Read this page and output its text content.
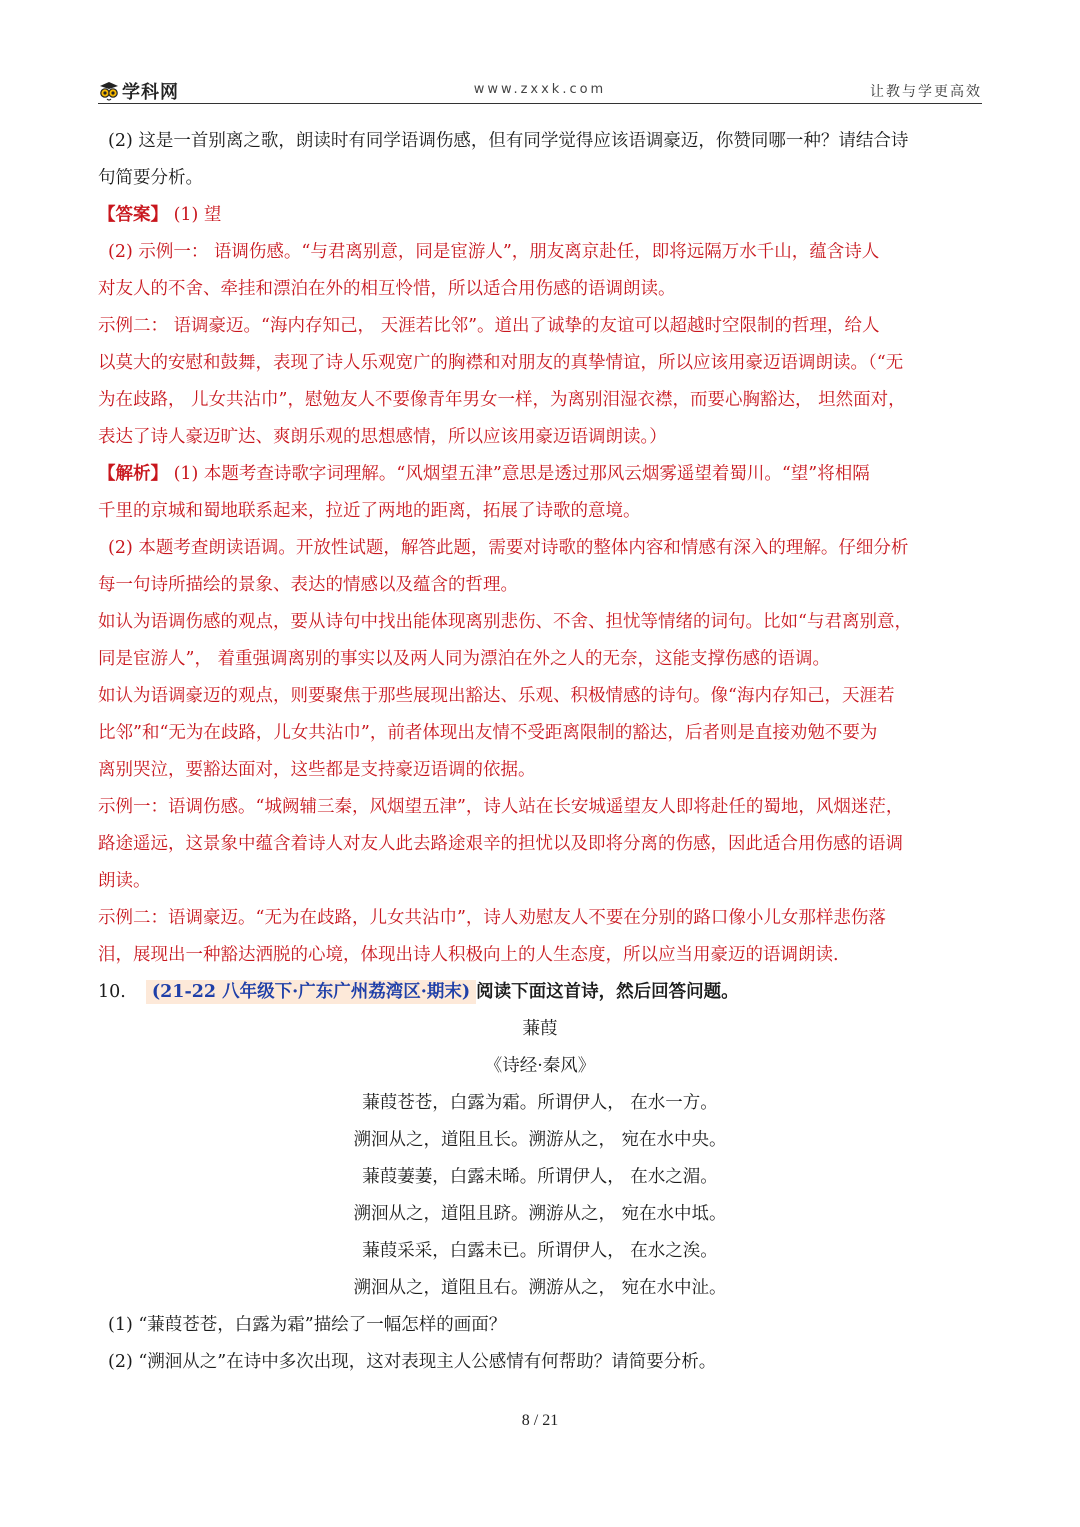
学科网	www.zxxk.com	让教与学更高效

(2) 这是一首别离之歌，朗读时有同学语调伤感，但有同学觉得应该语调豪迈，你赞同哪一种？请结合诗

句简要分析。

【答案】 (1) 望

(2) 示例一： 语调伤感。“与君离别意，同是宦游人”，朋友离京赴任，即将远隔万水千山，蕴含诗人

对友人的不舍、牵挂和漂泊在外的相互怜惜，所以适合用伤感的语调朗读。

示例二： 语调豪迈。“海内存知己， 天涯若比邻”。道出了诚挚的友谊可以超越时空限制的哲理，给人

以莫大的安慰和鼓舞，表现了诗人乐观宽广的胸襟和对朋友的真挚情谊，所以应该用豪迈语调朗读。（“无

为在歧路， 儿女共沾巾”，慰勉友人不要像青年男女一样，为离别泪湿衣襟，而要心胸豁达， 坦然面对，

表达了诗人豪迈旷达、爽朗乐观的思想感情，所以应该用豪迈语调朗读。）

【解析】 (1) 本题考查诗歌字词理解。“风烟望五津”意思是透过那风云烟雾遥望着蜀川。“望”将相隔

千里的京城和蜀地联系起来，拉近了两地的距离，拓展了诗歌的意境。

(2) 本题考查朗读语调。开放性试题，解答此题，需要对诗歌的整体内容和情感有深入的理解。仔细分析

每一句诗所描绘的景象、表达的情感以及蕴含的哲理。

如认为语调伤感的观点，要从诗句中找出能体现离别悲伤、不舍、担忧等情绪的词句。比如“与君离别意，

同是宦游人”， 着重强调离别的事实以及两人同为漂泊在外之人的无奈，这能支撑伤感的语调。

如认为语调豪迈的观点，则要聚焦于那些展现出豁达、乐观、积极情感的诗句。像“海内存知己，天涯若

比邻”和“无为在歧路，儿女共沾巾”，前者体现出友情不受距离限制的豁达，后者则是直接劝勉不要为

离别哭泣，要豁达面对，这些都是支持豪迈语调的依据。

示例一：语调伤感。“城阙辅三秦，风烟望五津”，诗人站在长安城遥望友人即将赴任的蜀地，风烟迷茫，

路途遥远，这景象中蕴含着诗人对友人此去路途艰辛的担忧以及即将分离的伤感，因此适合用伤感的语调

朗读。

示例二：语调豪迈。“无为在歧路，儿女共沾巾”，诗人劝慰友人不要在分别的路口像小儿女那样悲伤落

泪，展现出一种豁达洒脱的心境，体现出诗人积极向上的人生态度，所以应当用豪迈的语调朗读.

10. (21-22 八年级下·广东广州荔湾区·期末) 阅读下面这首诗，然后回答问题。

蒹葭

《诗经·秦风》

蒹葭苍苍，白露为霜。所谓伊人， 在水一方。

溯洄从之，道阻且长。溯游从之， 宛在水中央。

蒹葭萋萋，白露未晞。所谓伊人， 在水之湄。

溯洄从之，道阻且跻。溯游从之， 宛在水中坻。

蒹葭采采，白露未已。所谓伊人， 在水之涘。

溯洄从之，道阻且右。溯游从之， 宛在水中沚。

(1) “蒹葭苍苍，白露为霜”描绘了一幅怎样的画面？

(2) “溯洄从之”在诗中多次出现，这对表现主人公感情有何帮助？请简要分析。

8 / 21
